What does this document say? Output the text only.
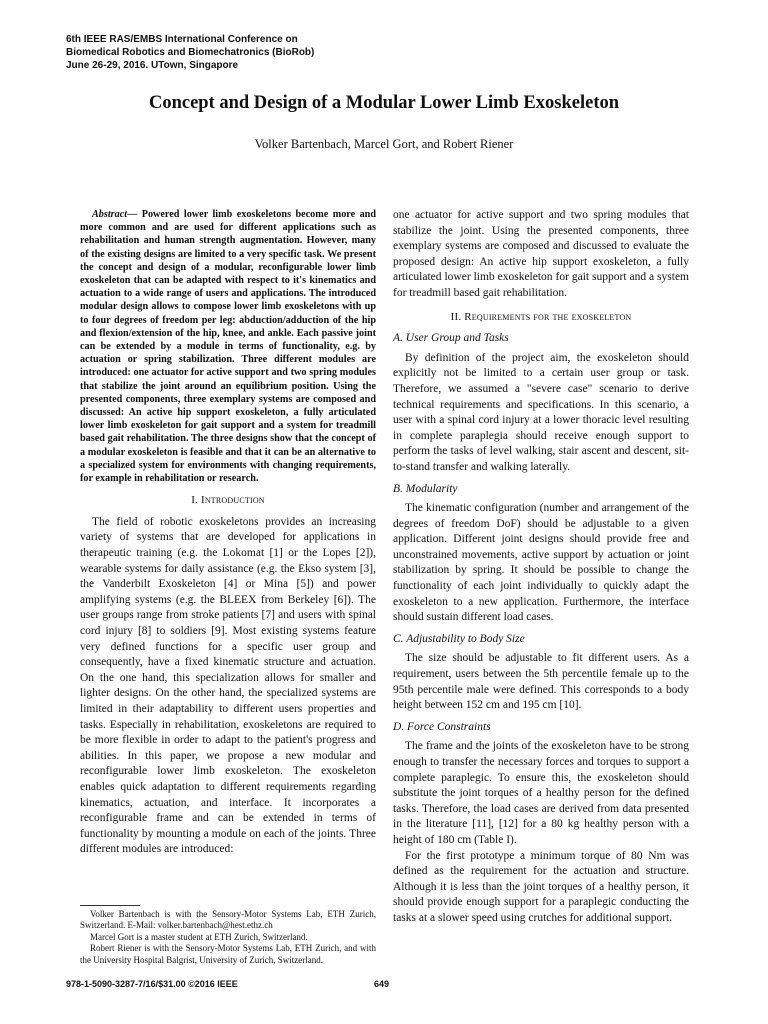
6th IEEE RAS/EMBS International Conference on
Biomedical Robotics and Biomechatronics (BioRob)
June 26-29, 2016. UTown, Singapore
Concept and Design of a Modular Lower Limb Exoskeleton
Volker Bartenbach, Marcel Gort, and Robert Riener

Abstract— Powered lower limb exoskeletons become more and more common and are used for different applications such as rehabilitation and human strength augmentation. However, many of the existing designs are limited to a very specific task. We present the concept and design of a modular, reconfigurable lower limb exoskeleton that can be adapted with respect to it's kinematics and actuation to a wide range of users and applications. The introduced modular design allows to compose lower limb exoskeletons with up to four degrees of freedom per leg: abduction/adduction of the hip and flexion/extension of the hip, knee, and ankle. Each passive joint can be extended by a module in terms of functionality, e.g. by actuation or spring stabilization. Three different modules are introduced: one actuator for active support and two spring modules that stabilize the joint around an equilibrium position. Using the presented components, three exemplary systems are composed and discussed: An active hip support exoskeleton, a fully articulated lower limb exoskeleton for gait support and a system for treadmill based gait rehabilitation. The three designs show that the concept of a modular exoskeleton is feasible and that it can be an alternative to a specialized system for environments with changing requirements, for example in rehabilitation or research.

I. Introduction

The field of robotic exoskeletons provides an increasing variety of systems that are developed for applications in therapeutic training (e.g. the Lokomat [1] or the Lopes [2]), wearable systems for daily assistance (e.g. the Ekso system [3], the Vanderbilt Exoskeleton [4] or Mina [5]) and power amplifying systems (e.g. the BLEEX from Berkeley [6]). The user groups range from stroke patients [7] and users with spinal cord injury [8] to soldiers [9]. Most existing systems feature very defined functions for a specific user group and consequently, have a fixed kinematic structure and actuation. On the one hand, this specialization allows for smaller and lighter designs. On the other hand, the specialized systems are limited in their adaptability to different users properties and tasks. Especially in rehabilitation, exoskeletons are required to be more flexible in order to adapt to the patient's progress and abilities. In this paper, we propose a new modular and reconfigurable lower limb exoskeleton. The exoskeleton enables quick adaptation to different requirements regarding kinematics, actuation, and interface. It incorporates a reconfigurable frame and can be extended in terms of functionality by mounting a module on each of the joints. Three different modules are introduced:

Volker Bartenbach is with the Sensory-Motor Systems Lab, ETH Zurich, Switzerland. E-Mail: volker.bartenbach@hest.ethz.ch

Marcel Gort is a master student at ETH Zurich, Switzerland.

Robert Riener is with the Sensory-Motor Systems Lab, ETH Zurich, and with the University Hospital Balgrist, University of Zurich, Switzerland.

one actuator for active support and two spring modules that stabilize the joint. Using the presented components, three exemplary systems are composed and discussed to evaluate the proposed design: An active hip support exoskeleton, a fully articulated lower limb exoskeleton for gait support and a system for treadmill based gait rehabilitation.

II. Requirements for the exoskeleton
A. User Group and Tasks

By definition of the project aim, the exoskeleton should explicitly not be limited to a certain user group or task. Therefore, we assumed a "severe case" scenario to derive technical requirements and specifications. In this scenario, a user with a spinal cord injury at a lower thoracic level resulting in complete paraplegia should receive enough support to perform the tasks of level walking, stair ascent and descent, sit-to-stand transfer and walking laterally.

B. Modularity

The kinematic configuration (number and arrangement of the degrees of freedom DoF) should be adjustable to a given application. Different joint designs should provide free and unconstrained movements, active support by actuation or joint stabilization by spring. It should be possible to change the functionality of each joint individually to quickly adapt the exoskeleton to a new application. Furthermore, the interface should sustain different load cases.

C. Adjustability to Body Size

The size should be adjustable to fit different users. As a requirement, users between the 5th percentile female up to the 95th percentile male were defined. This corresponds to a body height between 152 cm and 195 cm [10].

D. Force Constraints

The frame and the joints of the exoskeleton have to be strong enough to transfer the necessary forces and torques to support a complete paraplegic. To ensure this, the exoskeleton should substitute the joint torques of a healthy person for the defined tasks. Therefore, the load cases are derived from data presented in the literature [11], [12] for a 80 kg healthy person with a height of 180 cm (Table I).

For the first prototype a minimum torque of 80 Nm was defined as the requirement for the actuation and structure. Although it is less than the joint torques of a healthy person, it should provide enough support for a paraplegic conducting the tasks at a slower speed using crutches for additional support.

978-1-5090-3287-7/16/$31.00 ©2016 IEEE	649
